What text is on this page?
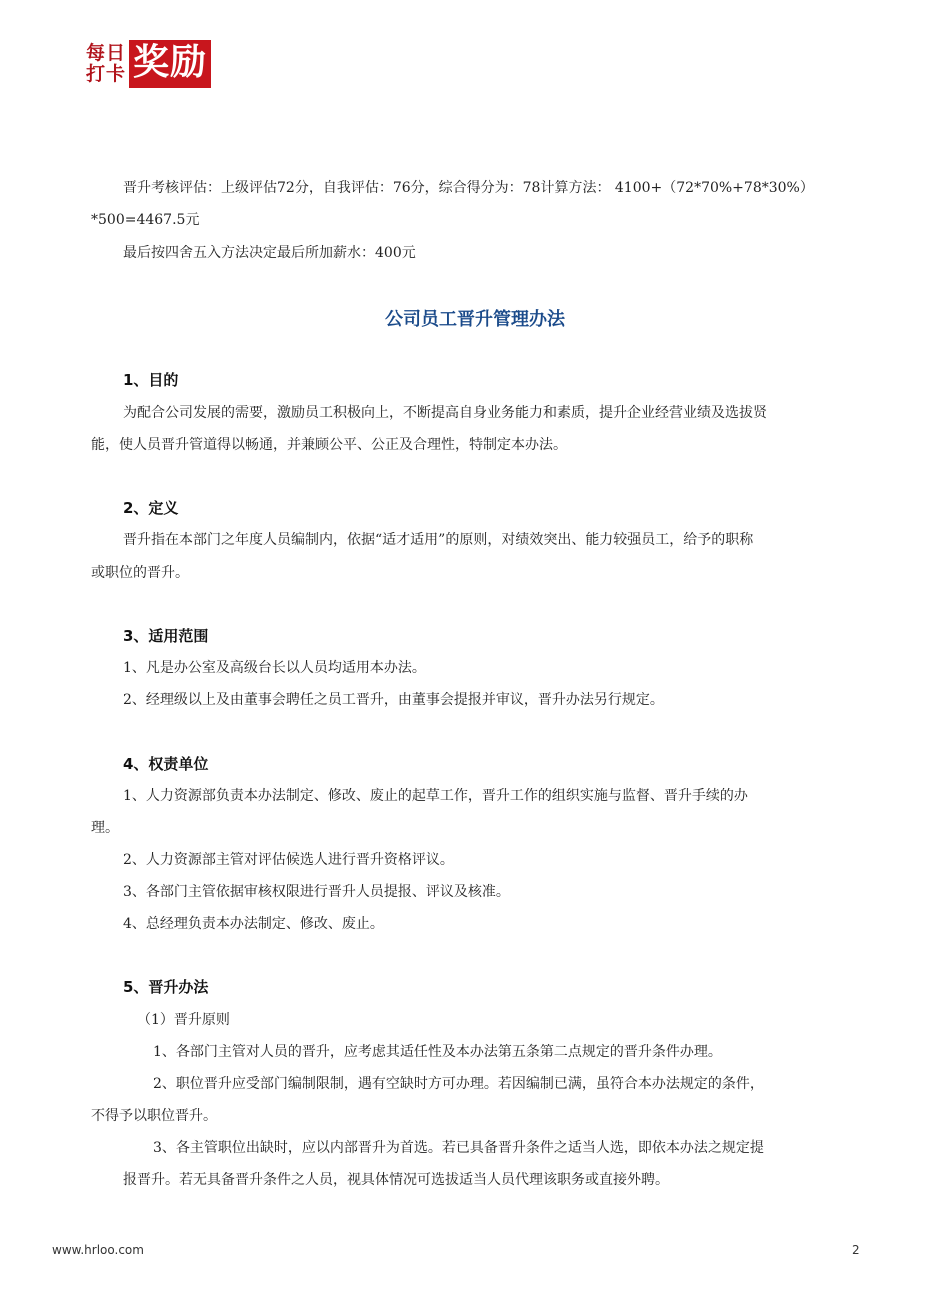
每日
打卡 奖励
晋升考核评估：上级评估72分，自我评估：76分，综合得分为：78计算方法： 4100+（72*70%+78*30%）
*500=4467.5元
最后按四舍五入方法决定最后所加薪水：400元
公司员工晋升管理办法
1、目的
为配合公司发展的需要，激励员工积极向上，不断提高自身业务能力和素质，提升企业经营业绩及选拔贤
能，使人员晋升管道得以畅通，并兼顾公平、公正及合理性，特制定本办法。
2、定义
晋升指在本部门之年度人员编制内，依据“适才适用”的原则，对绩效突出、能力较强员工，给予的职称
或职位的晋升。
3、适用范围
1、凡是办公室及高级台长以人员均适用本办法。
2、经理级以上及由董事会聘任之员工晋升，由董事会提报并审议，晋升办法另行规定。
4、权责单位
1、人力资源部负责本办法制定、修改、废止的起草工作，晋升工作的组织实施与监督、晋升手续的办
理。
2、人力资源部主管对评估候选人进行晋升资格评议。
3、各部门主管依据审核权限进行晋升人员提报、评议及核准。
4、总经理负责本办法制定、修改、废止。
5、晋升办法
（1）晋升原则
1、各部门主管对人员的晋升，应考虑其适任性及本办法第五条第二点规定的晋升条件办理。
2、职位晋升应受部门编制限制，遇有空缺时方可办理。若因编制已满，虽符合本办法规定的条件，
不得予以职位晋升。
3、各主管职位出缺时，应以内部晋升为首选。若已具备晋升条件之适当人选，即依本办法之规定提
报晋升。若无具备晋升条件之人员，视具体情况可选拔适当人员代理该职务或直接外聘。
www.hrloo.com	2
